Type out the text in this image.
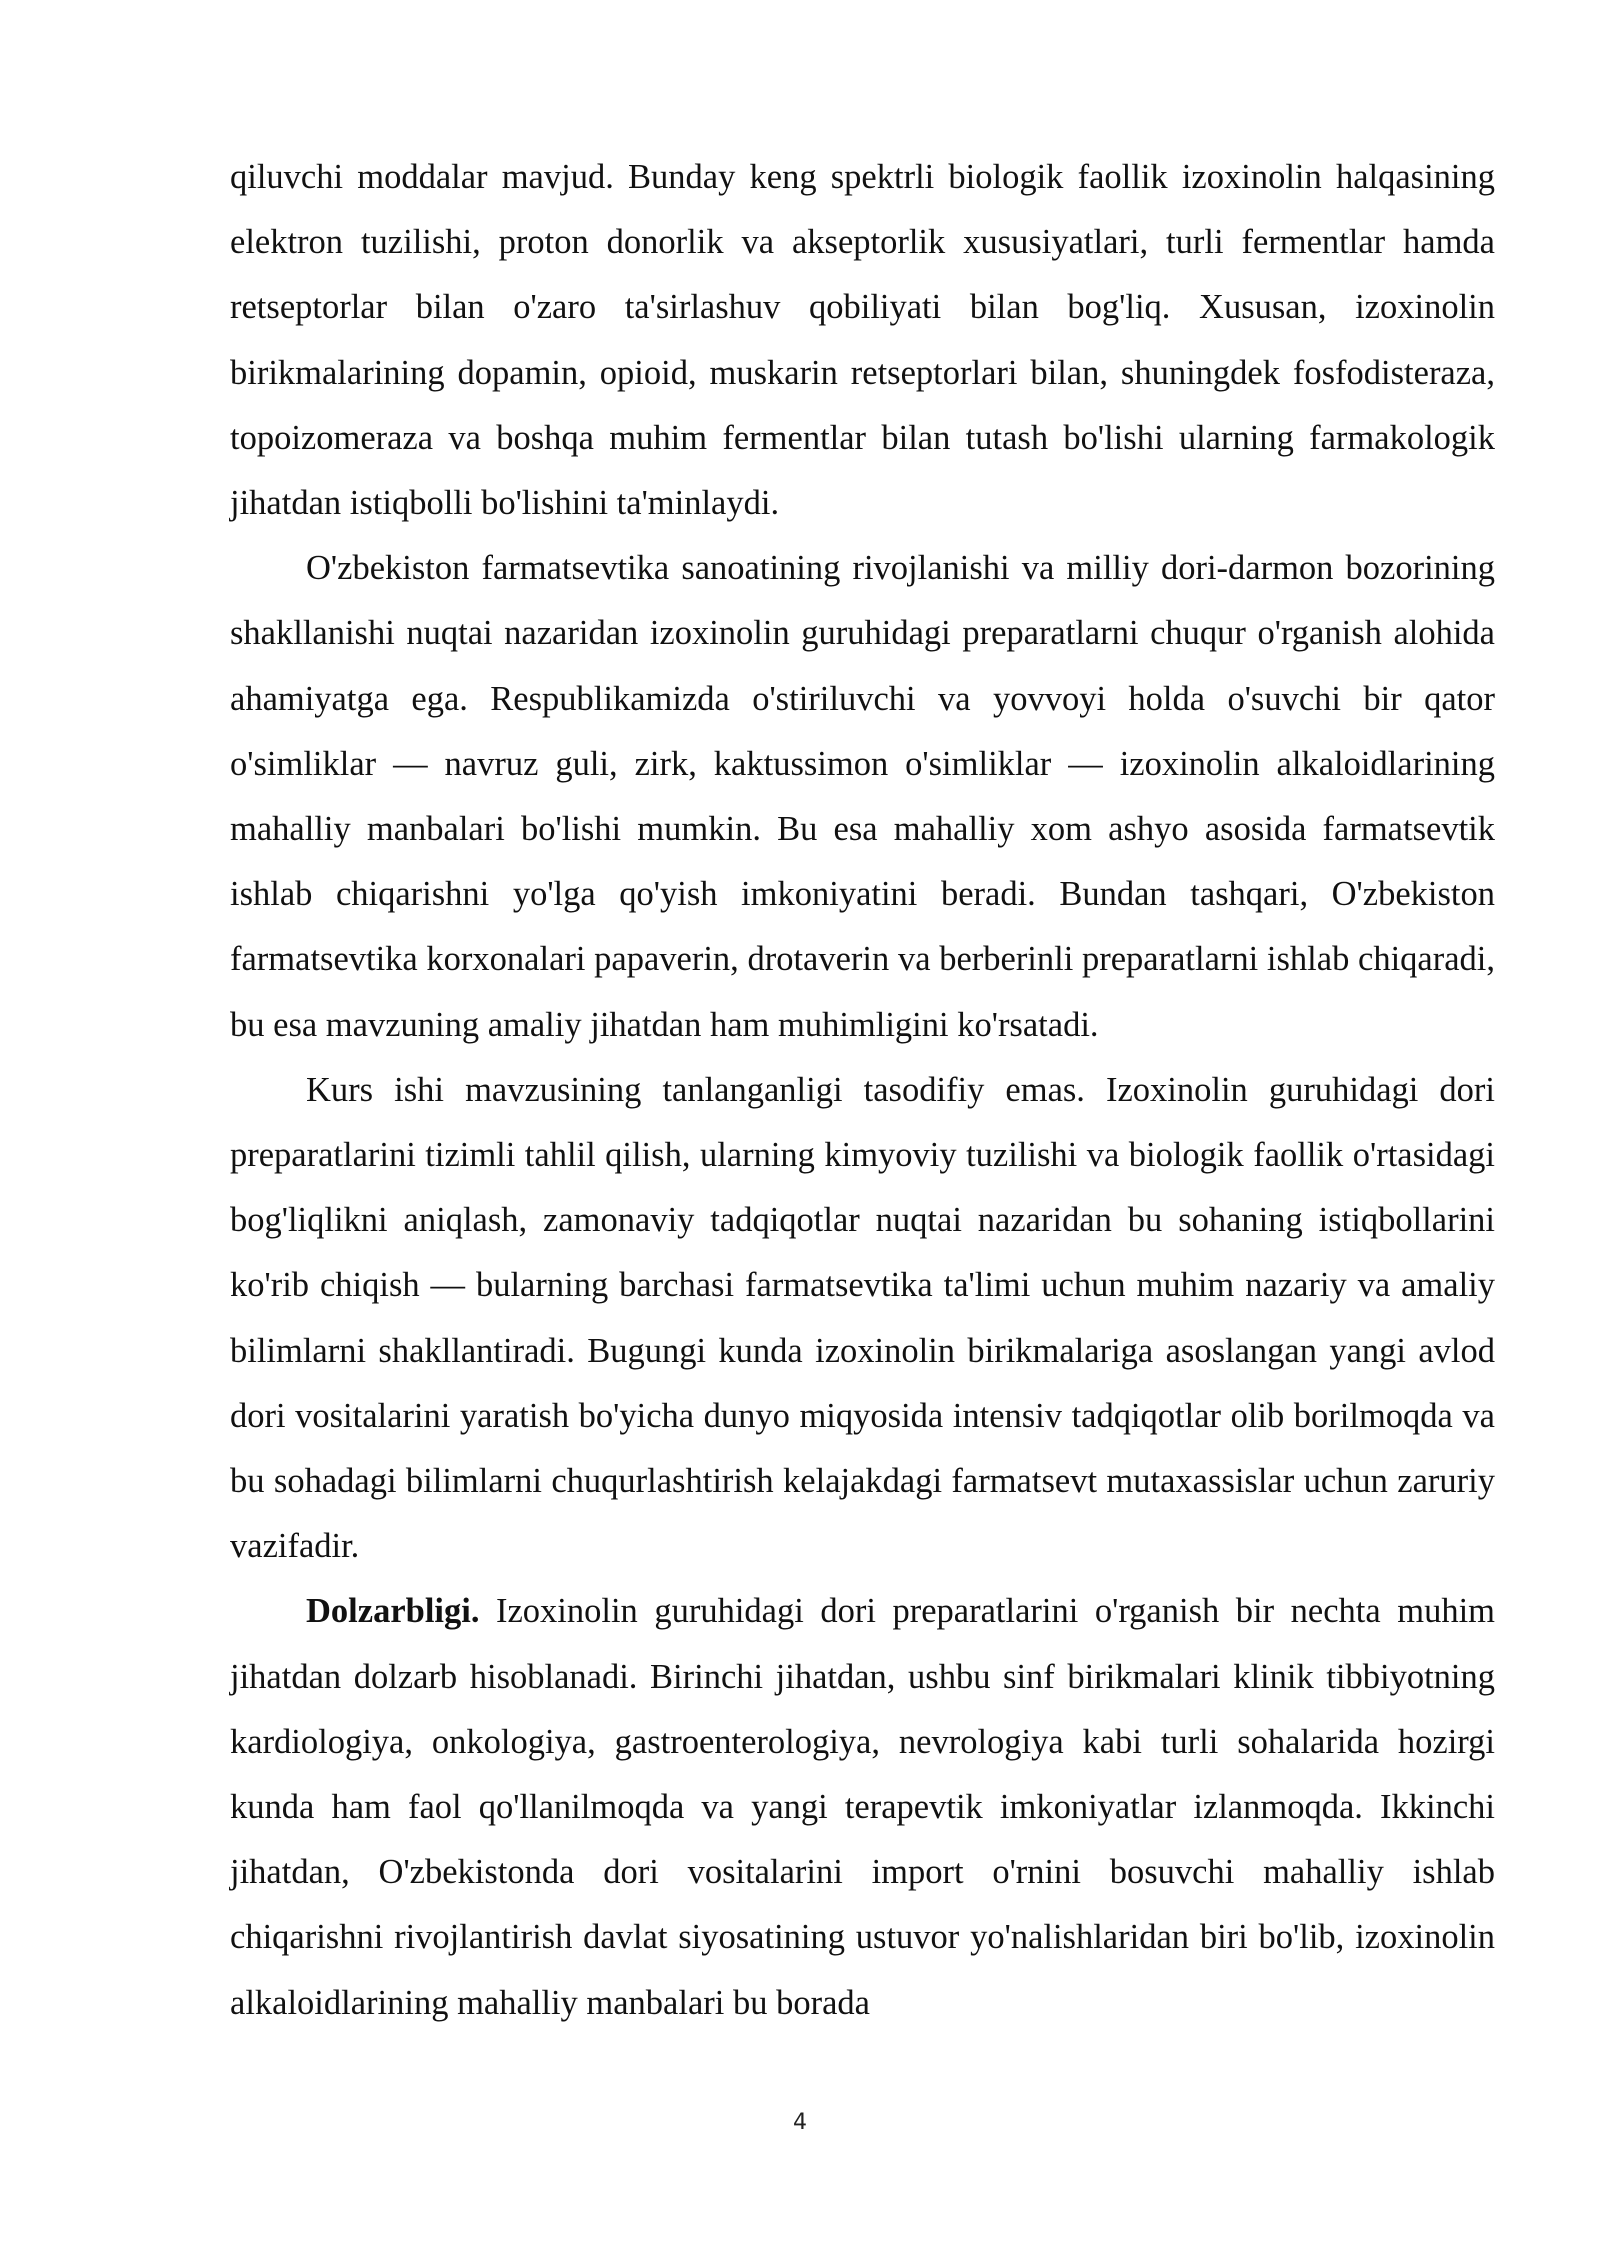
qiluvchi moddalar mavjud. Bunday keng spektrli biologik faollik izoxinolin halqasining elektron tuzilishi, proton donorlik va akseptorlik xususiyatlari, turli fermentlar hamda retseptorlar bilan o'zaro ta'sirlashuv qobiliyati bilan bog'liq. Xususan, izoxinolin birikmalarining dopamin, opioid, muskarin retseptorlari bilan, shuningdek fosfodisteraza, topoizomeraza va boshqa muhim fermentlar bilan tutash bo'lishi ularning farmakologik jihatdan istiqbolli bo'lishini ta'minlaydi.

O'zbekiston farmatsevtika sanoatining rivojlanishi va milliy dori-darmon bozorining shakllanishi nuqtai nazaridan izoxinolin guruhidagi preparatlarni chuqur o'rganish alohida ahamiyatga ega. Respublikamizda o'stiriluvchi va yovvoyi holda o'suvchi bir qator o'simliklar — navruz guli, zirk, kaktussimon o'simliklar — izoxinolin alkaloidlarining mahalliy manbalari bo'lishi mumkin. Bu esa mahalliy xom ashyo asosida farmatsevtik ishlab chiqarishni yo'lga qo'yish imkoniyatini beradi. Bundan tashqari, O'zbekiston farmatsevtika korxonalari papaverin, drotaverin va berberinli preparatlarni ishlab chiqaradi, bu esa mavzuning amaliy jihatdan ham muhimligini ko'rsatadi.

Kurs ishi mavzusining tanlanganligi tasodifiy emas. Izoxinolin guruhidagi dori preparatlarini tizimli tahlil qilish, ularning kimyoviy tuzilishi va biologik faollik o'rtasidagi bog'liqlikni aniqlash, zamonaviy tadqiqotlar nuqtai nazaridan bu sohaning istiqbollarini ko'rib chiqish — bularning barchasi farmatsevtika ta'limi uchun muhim nazariy va amaliy bilimlarni shakllantiradi. Bugungi kunda izoxinolin birikmalariga asoslangan yangi avlod dori vositalarini yaratish bo'yicha dunyo miqyosida intensiv tadqiqotlar olib borilmoqda va bu sohadagi bilimlarni chuqurlashtirish kelajakdagi farmatsevt mutaxassislar uchun zaruriy vazifadir.

Dolzarbligi. Izoxinolin guruhidagi dori preparatlarini o'rganish bir nechta muhim jihatdan dolzarb hisoblanadi. Birinchi jihatdan, ushbu sinf birikmalari klinik tibbiyotning kardiologiya, onkologiya, gastroenterologiya, nevrologiya kabi turli sohalarida hozirgi kunda ham faol qo'llanilmoqda va yangi terapevtik imkoniyatlar izlanmoqda. Ikkinchi jihatdan, O'zbekistonda dori vositalarini import o'rnini bosuvchi mahalliy ishlab chiqarishni rivojlantirish davlat siyosatining ustuvor yo'nalishlaridan biri bo'lib, izoxinolin alkaloidlarining mahalliy manbalari bu borada

4
